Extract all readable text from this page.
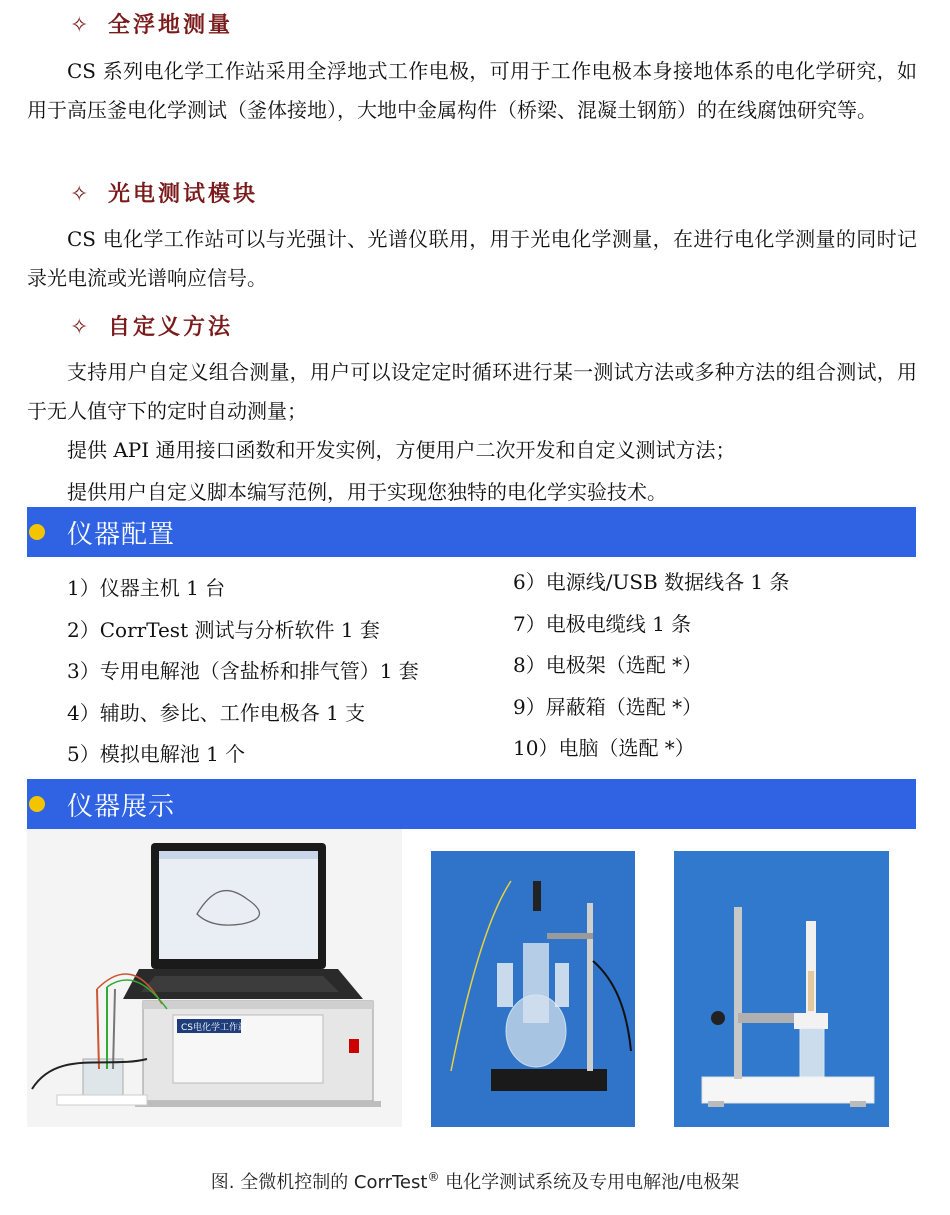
✧ 全浮地测量

CS 系列电化学工作站采用全浮地式工作电极，可用于工作电极本身接地体系的电化学研究，如用于高压釜电化学测试（釜体接地），大地中金属构件（桥梁、混凝土钢筋）的在线腐蚀研究等。

✧ 光电测试模块

CS 电化学工作站可以与光强计、光谱仪联用，用于光电化学测量，在进行电化学测量的同时记录光电流或光谱响应信号。

✧ 自定义方法

支持用户自定义组合测量，用户可以设定定时循环进行某一测试方法或多种方法的组合测试，用于无人值守下的定时自动测量；

提供 API 通用接口函数和开发实例，方便用户二次开发和自定义测试方法；

提供用户自定义脚本编写范例，用于实现您独特的电化学实验技术。

仪器配置
1）仪器主机 1 台
2）CorrTest 测试与分析软件 1 套
3）专用电解池（含盐桥和排气管）1 套
4）辅助、参比、工作电极各 1 支
5）模拟电解池 1 个
6）电源线/USB 数据线各 1 条
7）电极电缆线 1 条
8）电极架（选配 *）
9）屏蔽箱（选配 *）
10）电脑（选配 *）
仪器展示
CS电化学工作站
图. 全微机控制的 CorrTest® 电化学测试系统及专用电解池/电极架
